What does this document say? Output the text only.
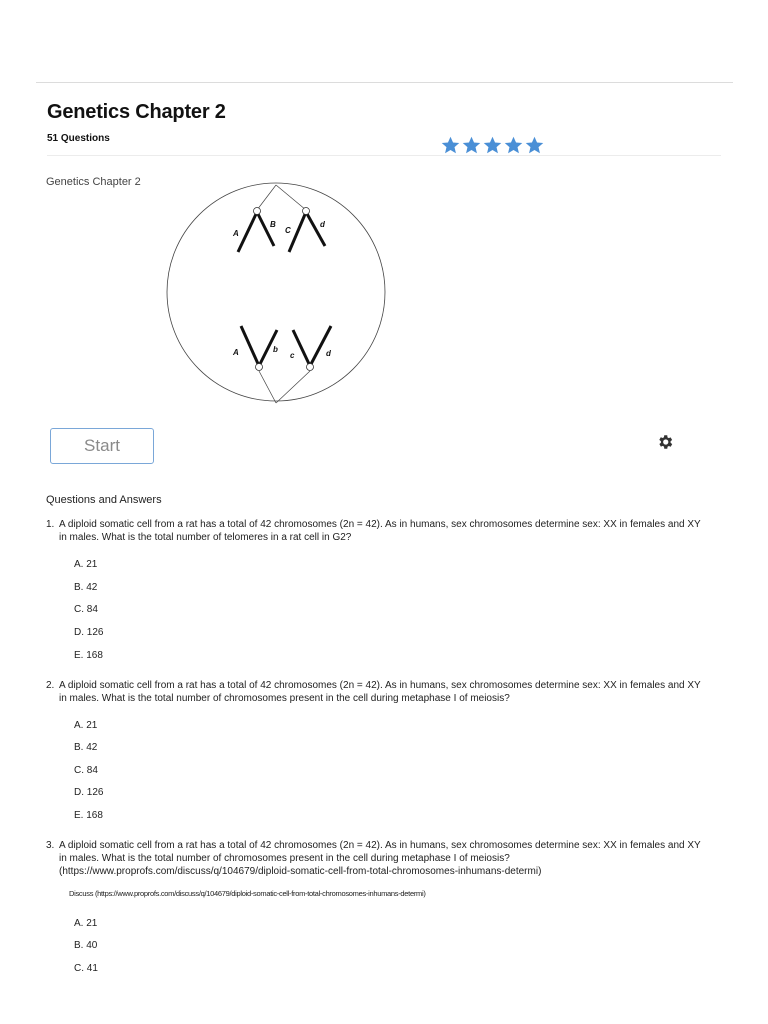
Genetics Chapter 2
51 Questions
Genetics Chapter 2
A
B
C
d
A	b
c	d
Start
Questions and Answers
1. A diploid somatic cell from a rat has a total of 42 chromosomes (2n = 42). As in humans, sex chromosomes determine sex: XX in females and XY in males. What is the total number of telomeres in a rat cell in G2?
A. 21
B. 42
C. 84
D. 126
E. 168
2. A diploid somatic cell from a rat has a total of 42 chromosomes (2n = 42). As in humans, sex chromosomes determine sex: XX in females and XY in males. What is the total number of chromosomes present in the cell during metaphase I of meiosis?
A. 21
B. 42
C. 84
D. 126
E. 168
3. A diploid somatic cell from a rat has a total of 42 chromosomes (2n = 42). As in humans, sex chromosomes determine sex: XX in females and XY in males. What is the total number of chromosomes present in the cell during metaphase I of meiosis?(https://www.proprofs.com/discuss/q/104679/diploid-somatic-cell-from-total-chromosomes-inhumans-determi)
Discuss (https://www.proprofs.com/discuss/q/104679/diploid-somatic-cell-from-total-chromosomes-inhumans-determi)
A. 21
B. 40
C. 41
